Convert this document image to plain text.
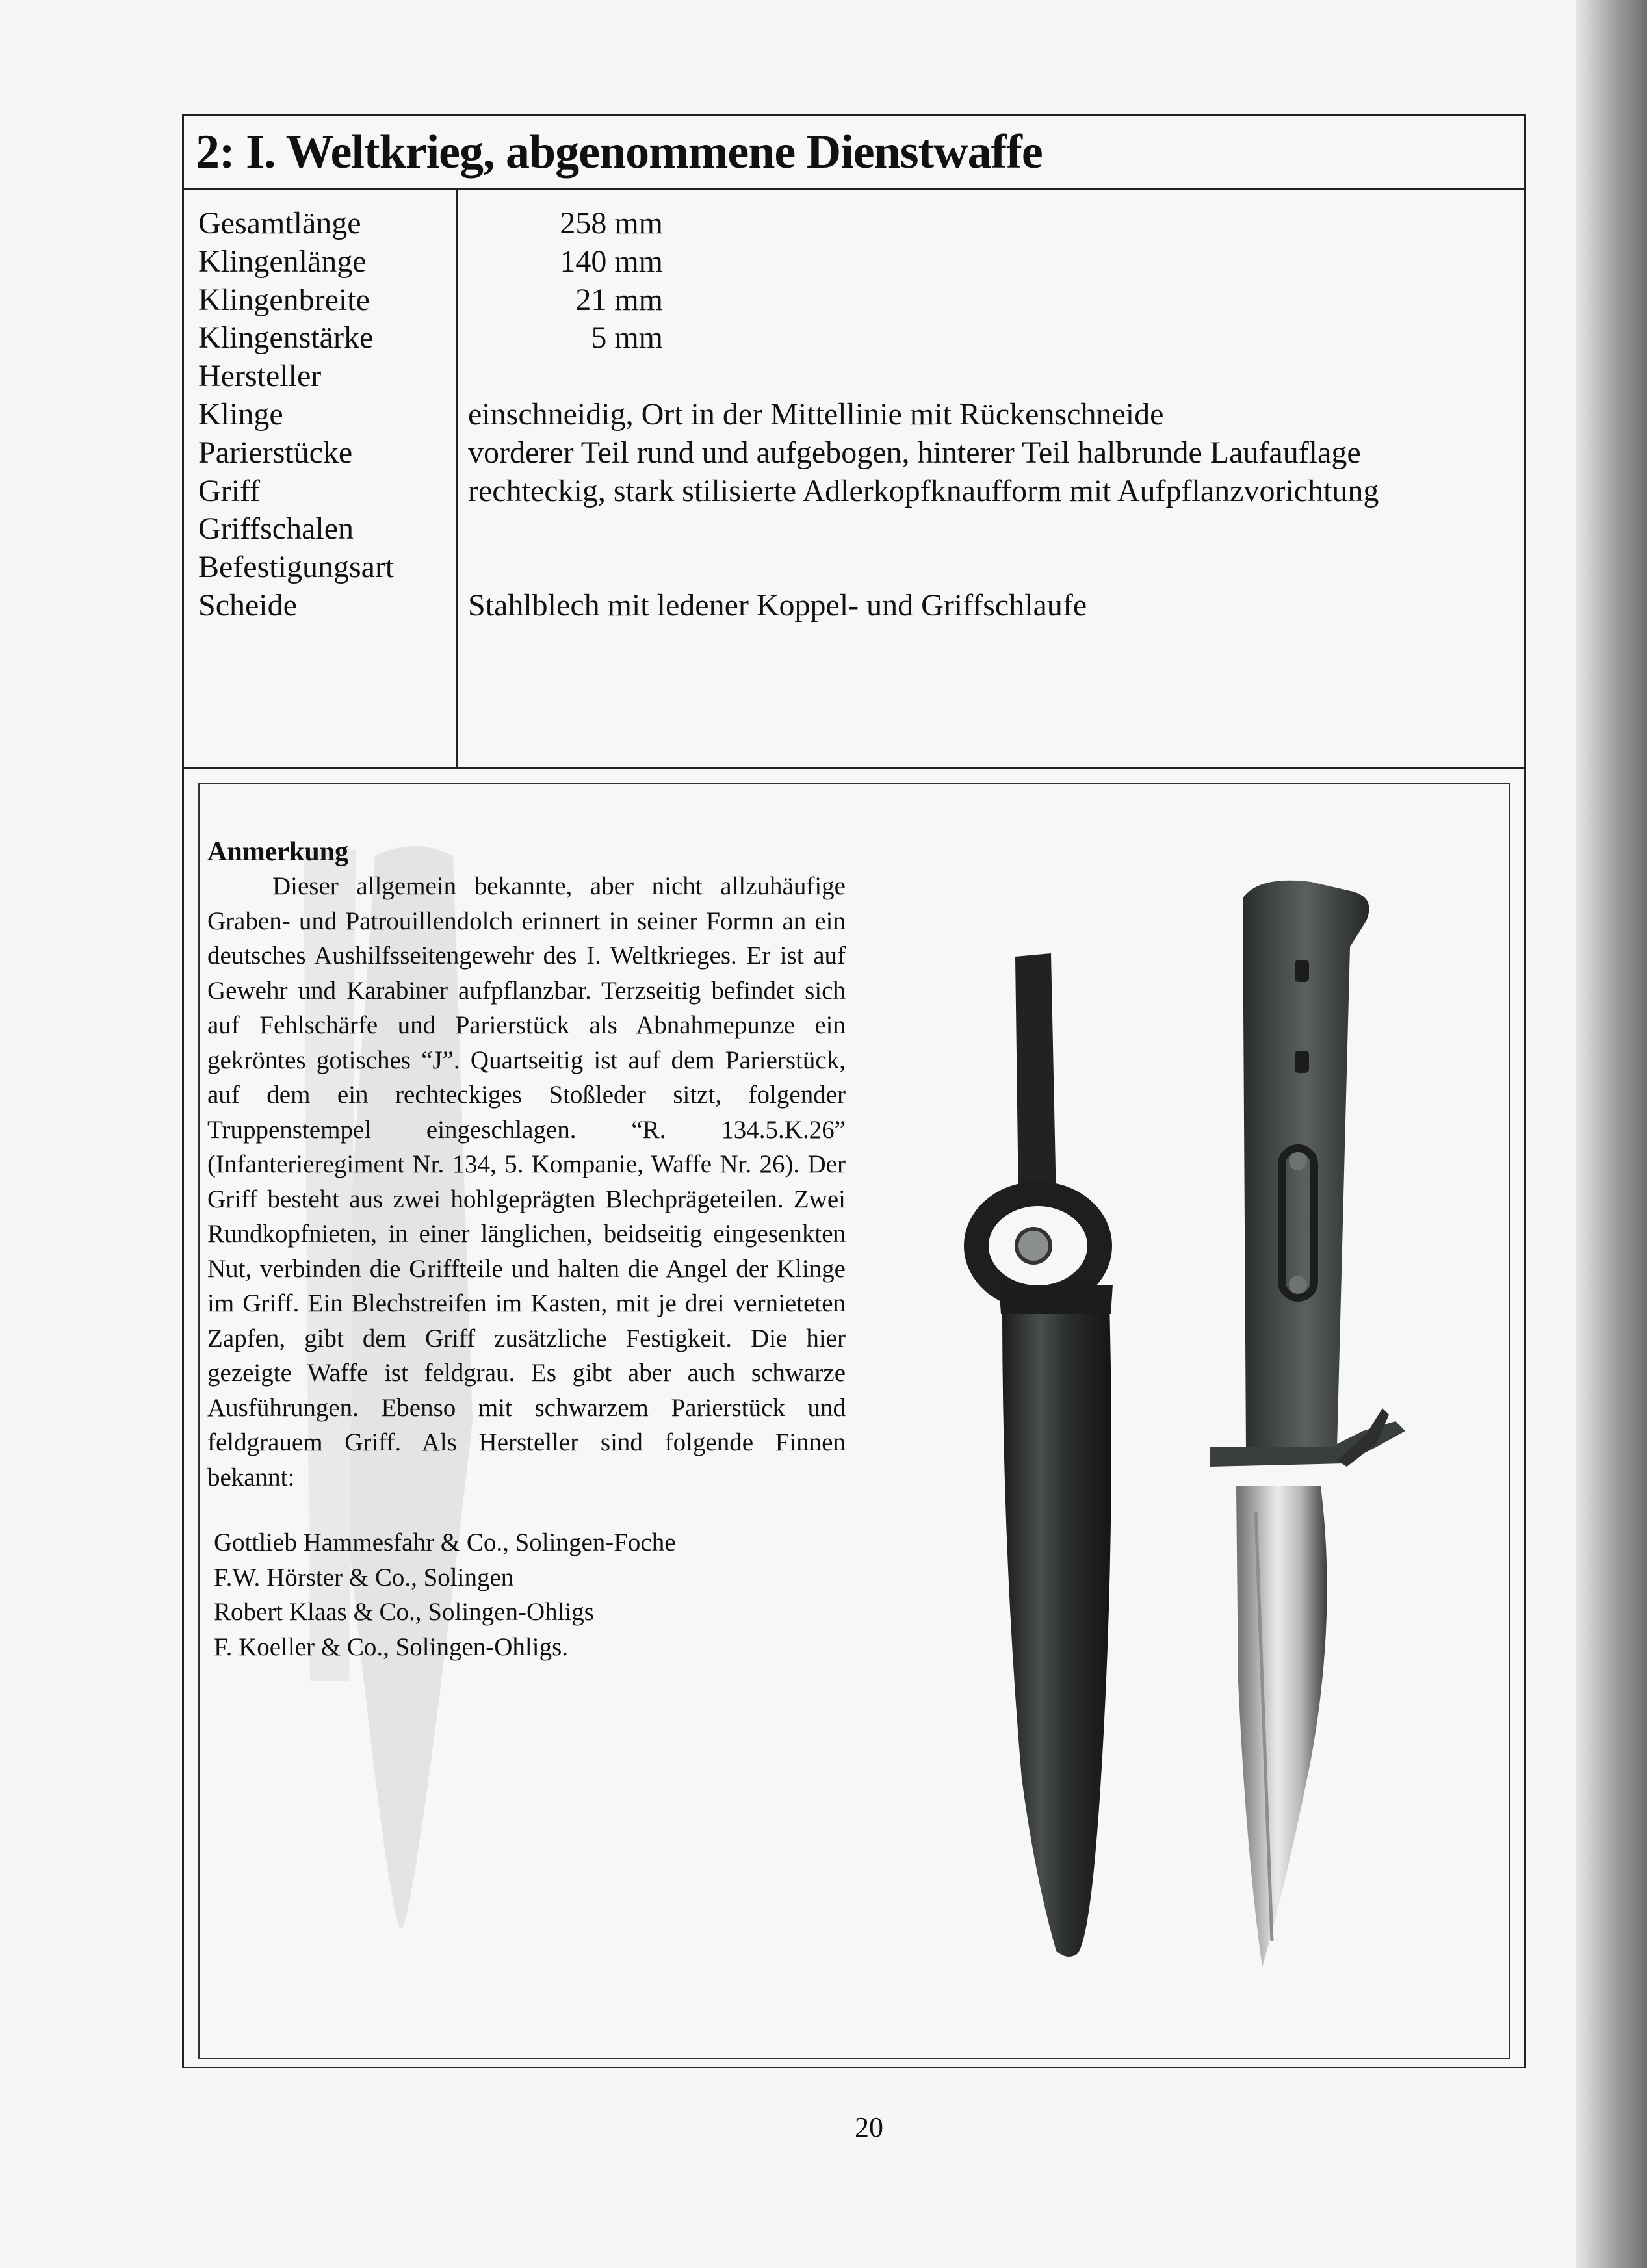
2: I. Weltkrieg, abgenommene Dienstwaffe
Gesamtlänge
Klingenlänge
Klingenbreite
Klingenstärke
Hersteller
Klinge
Parierstücke
Griff
Griffschalen
Befestigungsart
Scheide
258 mm
140 mm
21 mm
5 mm
einschneidig, Ort in der Mittellinie mit Rückenschneide
vorderer Teil rund und aufgebogen, hinterer Teil halbrunde Laufauflage
rechteckig, stark stilisierte Adlerkopfknaufform mit Aufpflanzvorichtung
Stahlblech mit ledener Koppel- und Griffschlaufe
Anmerkung
Dieser allgemein bekannte, aber nicht allzuhäufige Graben- und Patrouillendolch erinnert in seiner Formn an ein deutsches Aushilfsseitengewehr des I. Weltkrieges. Er ist auf Gewehr und Karabiner aufpflanzbar. Terzseitig befindet sich auf Fehlschärfe und Parierstück als Abnahmepunze ein gekröntes gotisches “J”. Quartseitig ist auf dem Parierstück, auf dem ein rechteckiges Stoßleder sitzt, folgender Truppenstempel eingeschlagen. “R. 134.5.K.26” (Infanterieregiment Nr. 134, 5. Kompanie, Waffe Nr. 26). Der Griff besteht aus zwei hohlgeprägten Blechprägeteilen. Zwei Rundkopfnieten, in einer länglichen, beidseitig eingesenkten Nut, verbinden die Griffteile und halten die Angel der Klinge im Griff. Ein Blechstreifen im Kasten, mit je drei vernieteten Zapfen, gibt dem Griff zusätzliche Festigkeit. Die hier gezeigte Waffe ist feldgrau. Es gibt aber auch schwarze Ausführungen. Ebenso mit schwarzem Parierstück und feldgrauem Griff. Als Hersteller sind folgende Finnen bekannt:
Gottlieb Hammesfahr & Co., Solingen-Foche
F.W. Hörster & Co., Solingen
Robert Klaas & Co., Solingen-Ohligs
F. Koeller & Co., Solingen-Ohligs.
20
